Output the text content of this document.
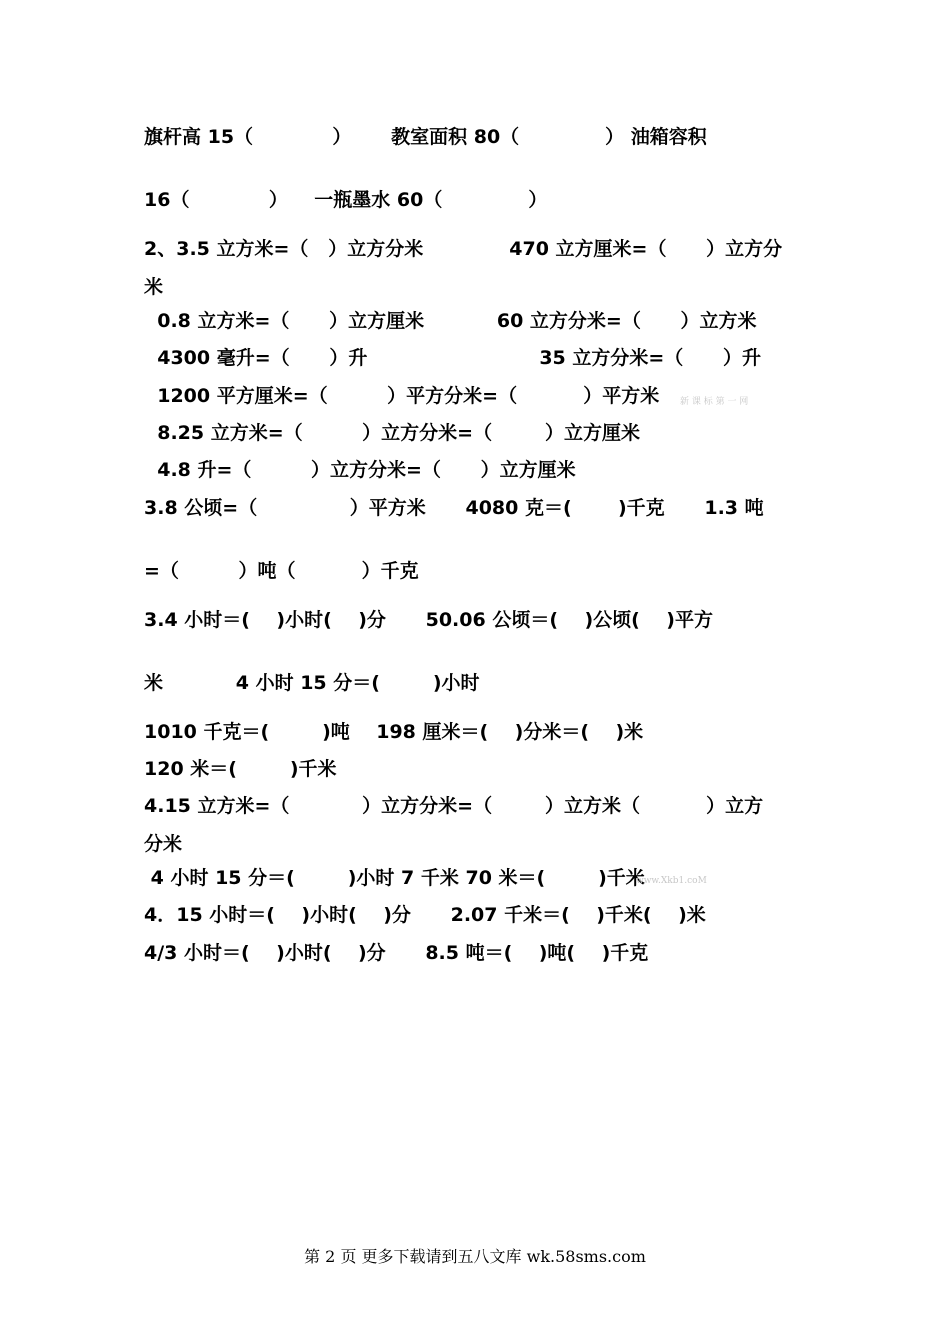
旗杆高 15（            ）      教室面积 80（             ） 油箱容积
16（            ）    一瓶墨水 60（             ）
2、3.5 立方米=（   ）立方分米             470 立方厘米=（      ）立方分
米
0.8 立方米=（      ）立方厘米           60 立方分米=（      ）立方米
4300 毫升=（      ）升                          35 立方分米=（      ）升
1200 平方厘米=（         ）平方分米=（          ）平方米
8.25 立方米=（         ）立方分米=（        ）立方厘米
4.8 升=（         ）立方分米=（      ）立方厘米
3.8 公顷=（              ）平方米      4080 克＝(       )千克      1.3 吨
=（         ）吨（          ）千克
3.4 小时＝(    )小时(    )分      50.06 公顷＝(    )公顷(    )平方
米           4 小时 15 分＝(        )小时
1010 千克＝(        )吨    198 厘米＝(    )分米＝(    )米
120 米＝(        )千米
4.15 立方米=（           ）立方分米=（        ）立方米（          ）立方
分米
4 小时 15 分＝(        )小时 7 千米 70 米＝(        )千米
4．15 小时＝(    )小时(    )分      2.07 千米＝(    )千米(    )米
4/3 小时＝(    )小时(    )分      8.5 吨＝(    )吨(    )千克
新 课 标 第 一 网
www.Xkb1.coM
第 2 页 更多下载请到五八文库 wk.58sms.com
